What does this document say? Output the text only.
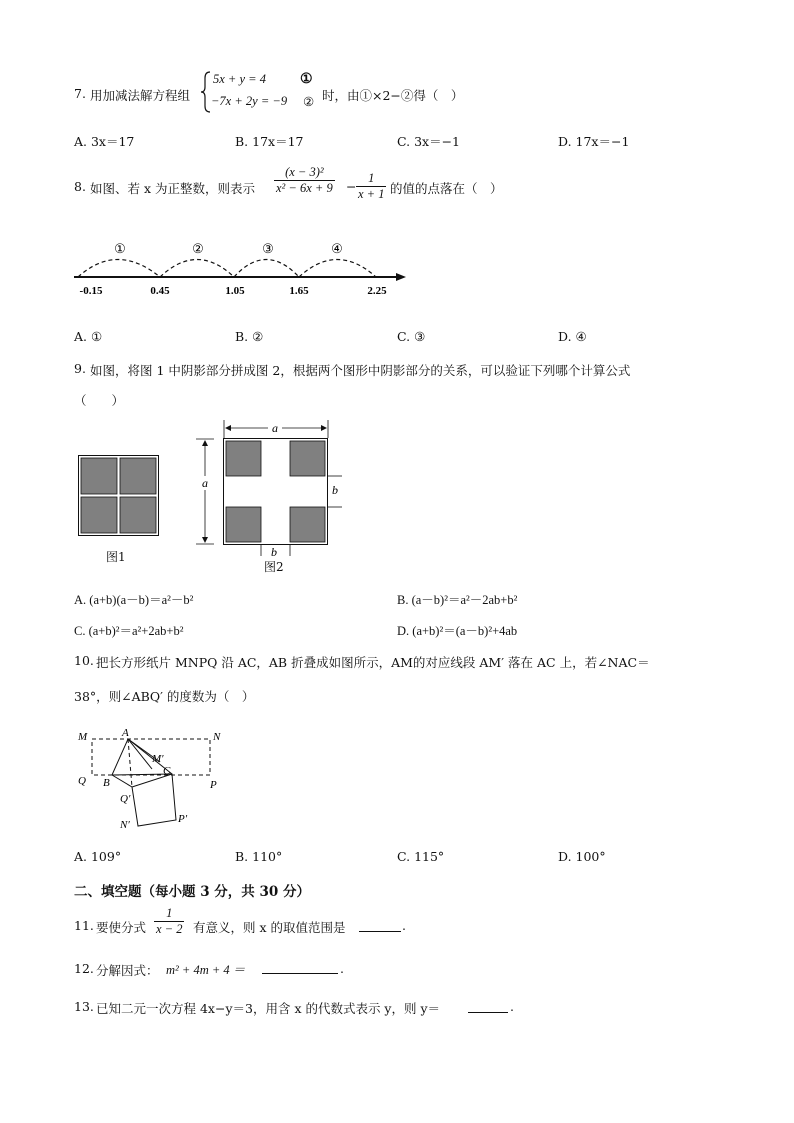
7. 用加减法解方程组
5x + y = 4 ①
−7x + 2y = −9 ② 时，由①×2−②得（　）
A. 3x＝17	B. 17x＝17	C. 3x＝−1	D. 17x＝−1
8. 如图、若 x 为正整数，则表示 $\frac{\text{(x − 3)²}}{\text{x² − 6x + 9}} - \frac{1}{x + 1}$ 的值的点落在（　）
①	②	③	④
-0.15	0.45	1.05	1.65	2.25
A. ①	B. ②	C. ③	D. ④
9. 如图，将图 1 中阴影部分拼成图 2，根据两个图形中阴影部分的关系，可以验证下列哪个计算公式
（　　）
图1
a
a	b
b
图2
A. (a+b)(a－b)＝a²－b²	B. (a－b)²＝a²－2ab+b²
C. (a+b)²＝a²+2ab+b²	D. (a+b)²＝(a－b)²+4ab
10. 把长方形纸片 MNPQ 沿 AC，AB 折叠成如图所示，AM的对应线段 AM′ 落在 AC 上，若∠NAC＝
38°，则∠ABQ′ 的度数为（　）
M	A	N
Q	P
B
C
M′
Q′
N′	P′
A. 109°	B. 110°	C. 115°	D. 100°
二、填空题（每小题 3 分，共 30 分）
11. 要使分式 $\frac{1}{x - 2}$ 有意义，则 x 的取值范围是	.
12. 分解因式： m² + 4m + 4 ＝	.
13. 已知二元一次方程 4x−y＝3，用含 x 的代数式表示 y，则 y＝	.
